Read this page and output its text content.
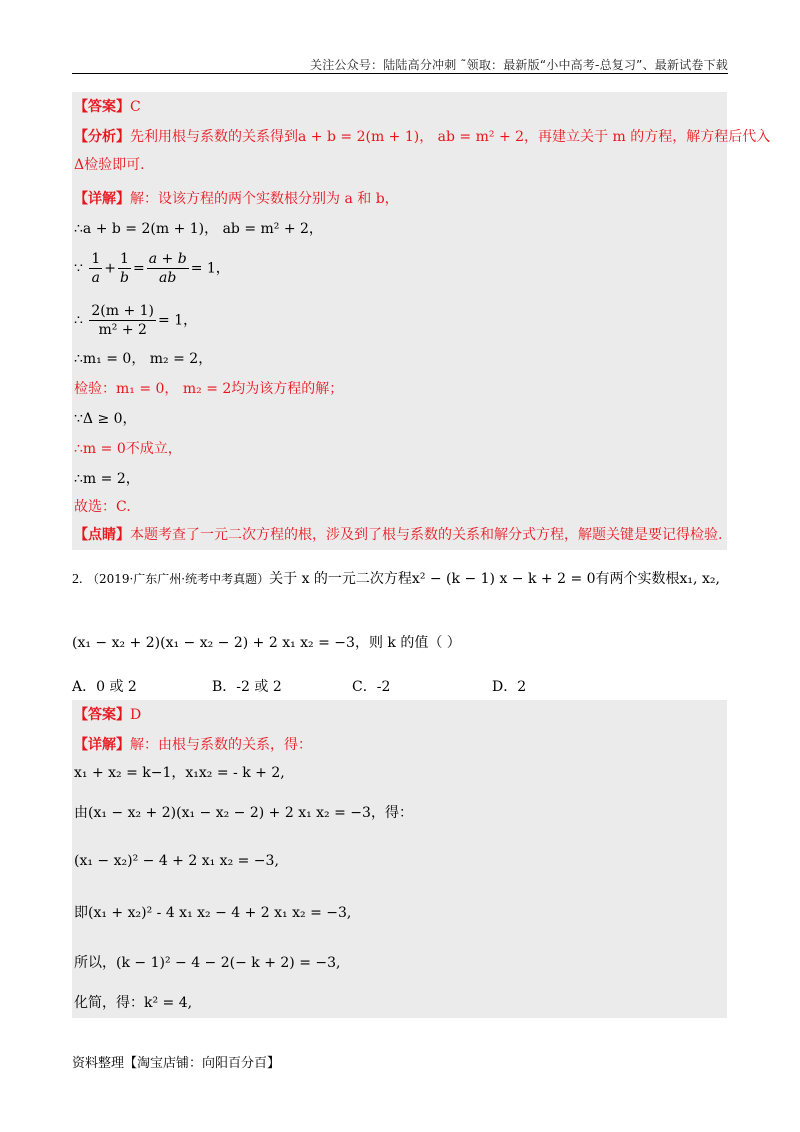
关注公众号：陆陆高分冲刺 ˜领取：最新版“小中高考-总复习”、最新试卷下载
【答案】C
【分析】先利用根与系数的关系得到a + b = 2(m + 1)， ab = m² + 2，再建立关于 m 的方程，解方程后代入
Δ检验即可.
【详解】解：设该方程的两个实数根分别为 a 和 b，
∴a + b = 2(m + 1)， ab = m² + 2，
∵ $\frac{1}{a} + \frac{1}{b} = \frac{a + b}{ab} = 1$，
∴ $\frac{2(m + 1)}{\text{m² + 2}} = 1$，
∴m₁ = 0， m₂ = 2，
检验：m₁ = 0， m₂ = 2均为该方程的解；
∵Δ ≥ 0，
∴m = 0不成立，
∴m = 2，
故选：C.
【点睛】本题考查了一元二次方程的根，涉及到了根与系数的关系和解分式方程，解题关键是要记得检验.
2. （2019·广东广州·统考中考真题）关于 x 的一元二次方程x² − (k − 1) x − k + 2 = 0有两个实数根x₁, x₂,
(x₁ − x₂ + 2)(x₁ − x₂ − 2) + 2 x₁ x₂ = −3，则 k 的值（ ）
A．0 或 2	B．-2 或 2	C．-2	D．2
【答案】D
【详解】解：由根与系数的关系，得：
x₁ + x₂ = k−1，x₁x₂ = - k + 2,
由(x₁ − x₂ + 2)(x₁ − x₂ − 2) + 2 x₁ x₂ = −3，得：
(x₁ − x₂)² − 4 + 2 x₁ x₂ = −3,
即(x₁ + x₂)² - 4 x₁ x₂ − 4 + 2 x₁ x₂ = −3,
所以，(k − 1)² − 4 − 2(− k + 2) = −3,
化简，得：k² = 4,
资料整理【淘宝店铺：向阳百分百】
